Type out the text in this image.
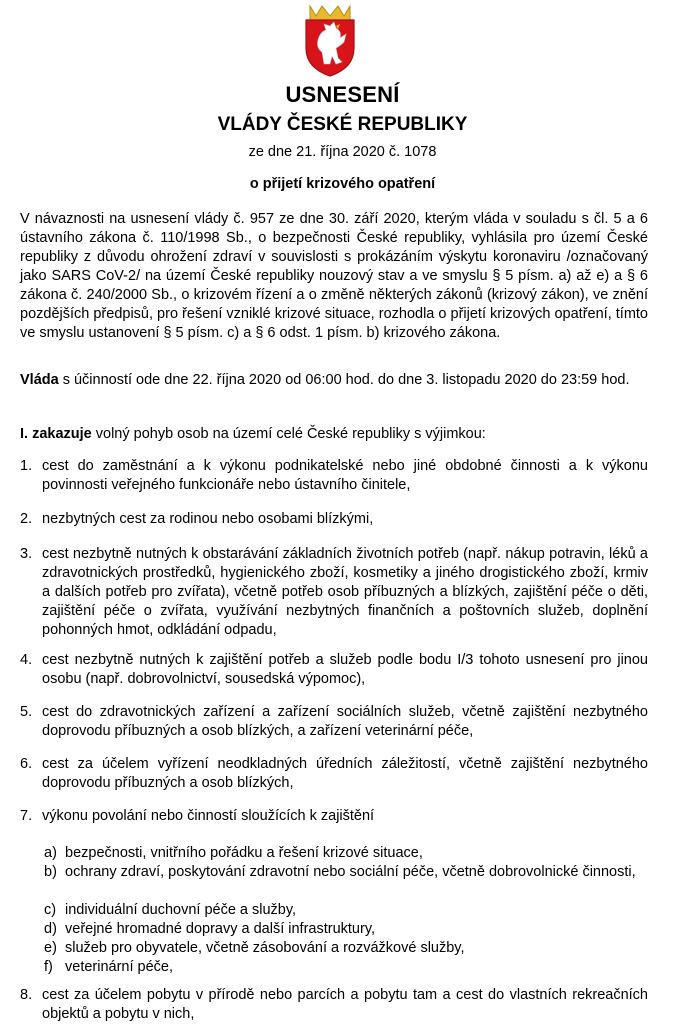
USNESENÍ
VLÁDY ČESKÉ REPUBLIKY
ze dne 21. října 2020 č. 1078
o přijetí krizového opatření
V návaznosti na usnesení vlády č. 957 ze dne 30. září 2020, kterým vláda v souladu s čl. 5 a 6 ústavního zákona č. 110/1998 Sb., o bezpečnosti České republiky, vyhlásila pro území České republiky z důvodu ohrožení zdraví v souvislosti s prokázáním výskytu koronaviru /označovaný jako SARS CoV-2/ na území České republiky nouzový stav a ve smyslu § 5 písm. a) až e) a § 6 zákona č. 240/2000 Sb., o krizovém řízení a o změně některých zákonů (krizový zákon), ve znění pozdějších předpisů, pro řešení vzniklé krizové situace, rozhodla o přijetí krizových opatření, tímto ve smyslu ustanovení § 5 písm. c) a § 6 odst. 1 písm. b) krizového zákona.
Vláda s účinností ode dne 22. října 2020 od 06:00 hod. do dne 3. listopadu 2020 do 23:59 hod.
I. zakazuje volný pohyb osob na území celé České republiky s výjimkou:
1. cest do zaměstnání a k výkonu podnikatelské nebo jiné obdobné činnosti a k výkonu povinnosti veřejného funkcionáře nebo ústavního činitele,
2. nezbytných cest za rodinou nebo osobami blízkými,
3. cest nezbytně nutných k obstarávání základních životních potřeb (např. nákup potravin, léků a zdravotnických prostředků, hygienického zboží, kosmetiky a jiného drogistického zboží, krmiv a dalších potřeb pro zvířata), včetně potřeb osob příbuzných a blízkých, zajištění péče o děti, zajištění péče o zvířata, využívání nezbytných finančních a poštovních služeb, doplnění pohonných hmot, odkládání odpadu,
4. cest nezbytně nutných k zajištění potřeb a služeb podle bodu I/3 tohoto usnesení pro jinou osobu (např. dobrovolnictví, sousedská výpomoc),
5. cest do zdravotnických zařízení a zařízení sociálních služeb, včetně zajištění nezbytného doprovodu příbuzných a osob blízkých, a zařízení veterinární péče,
6. cest za účelem vyřízení neodkladných úředních záležitostí, včetně zajištění nezbytného doprovodu příbuzných a osob blízkých,
7. výkonu povolání nebo činností sloužících k zajištění
a) bezpečnosti, vnitřního pořádku a řešení krizové situace,
b) ochrany zdraví, poskytování zdravotní nebo sociální péče, včetně dobrovolnické činnosti,
c) individuální duchovní péče a služby,
d) veřejné hromadné dopravy a další infrastruktury,
e) služeb pro obyvatele, včetně zásobování a rozvážkové služby,
f) veterinární péče,
8. cest za účelem pobytu v přírodě nebo parcích a pobytu tam a cest do vlastních rekreačních objektů a pobytu v nich,
